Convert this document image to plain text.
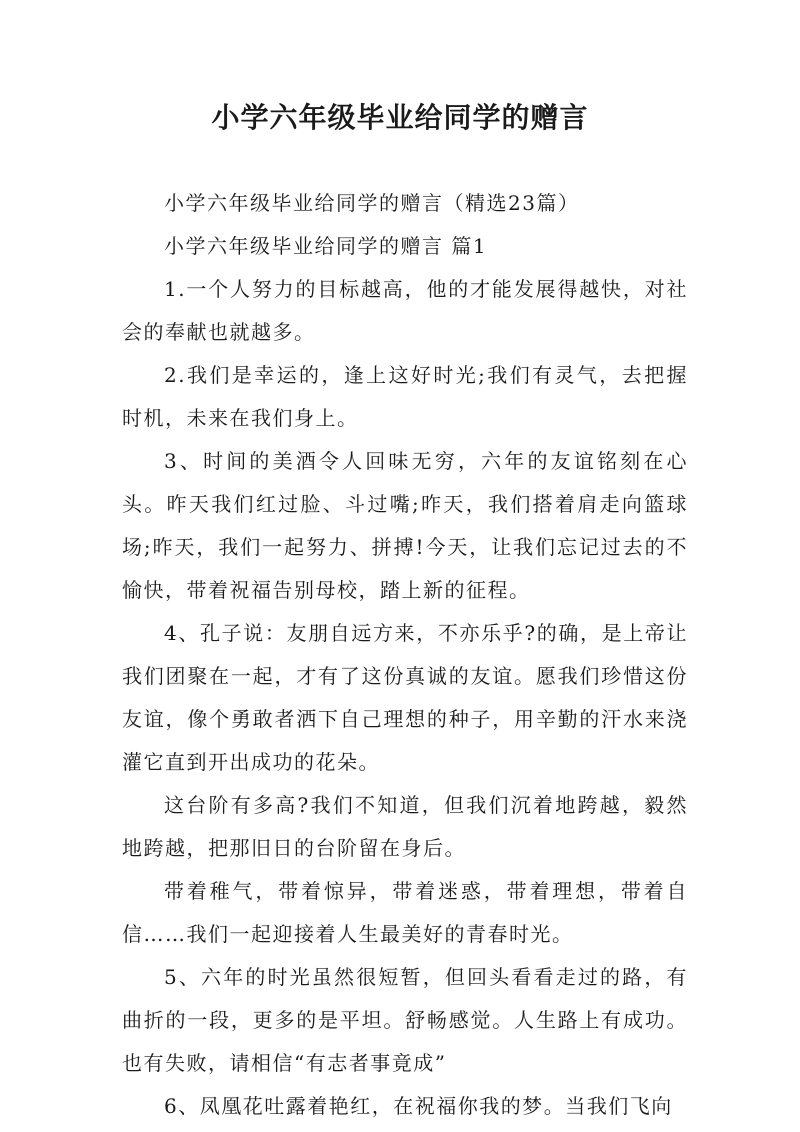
小学六年级毕业给同学的赠言

小学六年级毕业给同学的赠言（精选23篇）

小学六年级毕业给同学的赠言 篇1

1.一个人努力的目标越高，他的才能发展得越快，对社会的奉献也就越多。

2.我们是幸运的，逢上这好时光;我们有灵气，去把握时机，未来在我们身上。

3、时间的美酒令人回味无穷，六年的友谊铭刻在心头。昨天我们红过脸、斗过嘴;昨天，我们搭着肩走向篮球场;昨天，我们一起努力、拼搏!今天，让我们忘记过去的不愉快，带着祝福告别母校，踏上新的征程。

4、孔子说：友朋自远方来，不亦乐乎?的确，是上帝让我们团聚在一起，才有了这份真诚的友谊。愿我们珍惜这份友谊，像个勇敢者洒下自己理想的种子，用辛勤的汗水来浇灌它直到开出成功的花朵。

这台阶有多高?我们不知道，但我们沉着地跨越，毅然地跨越，把那旧日的台阶留在身后。

带着稚气，带着惊异，带着迷惑，带着理想，带着自信……我们一起迎接着人生最美好的青春时光。

5、六年的时光虽然很短暂，但回头看看走过的路，有曲折的一段，更多的是平坦。舒畅感觉。人生路上有成功。也有失败，请相信“有志者事竟成”

6、凤凰花吐露着艳红，在祝福你我的梦。当我们飞向
